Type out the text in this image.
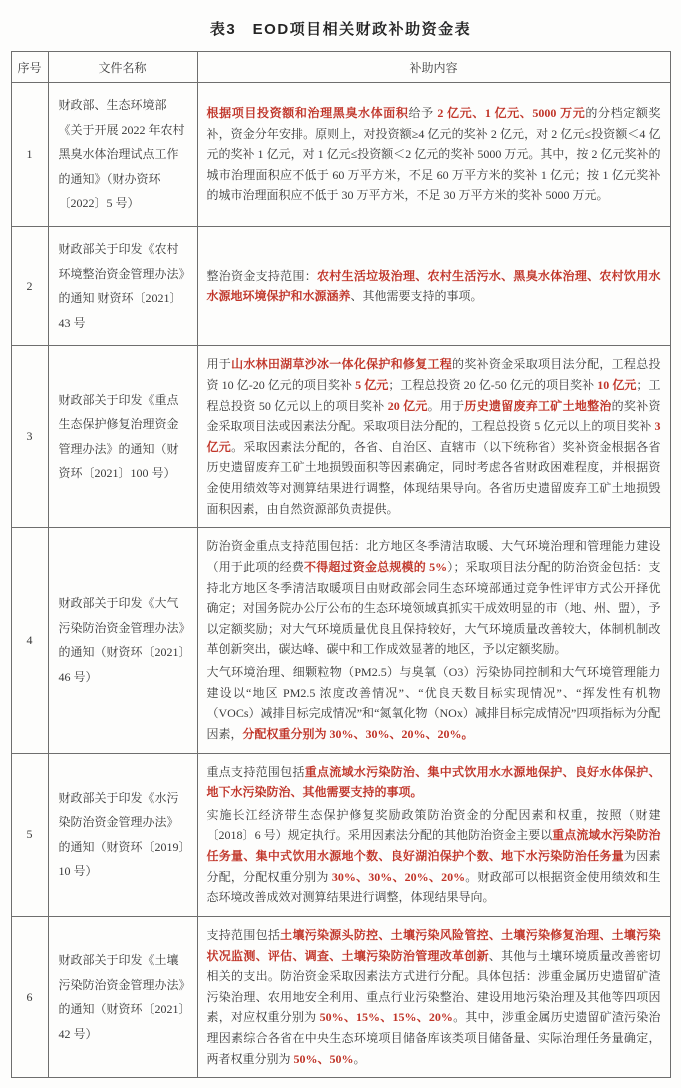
表3　EOD项目相关财政补助资金表
序号	文件名称	补助内容
1	财政部、生态环境部《关于开展 2022 年农村黑臭水体治理试点工作的通知》（财办资环〔2022〕5 号）	根据项目投资额和治理黑臭水体面积给予 2 亿元、1 亿元、5000 万元的分档定额奖补，资金分年安排。原则上，对投资额≥4 亿元的奖补 2 亿元，对 2 亿元≤投资额＜4 亿元的奖补 1 亿元，对 1 亿元≤投资额＜2 亿元的奖补 5000 万元。其中，按 2 亿元奖补的城市治理面积应不低于 60 万平方米，不足 60 万平方米的奖补 1 亿元；按 1 亿元奖补的城市治理面积应不低于 30 万平方米，不足 30 万平方米的奖补 5000 万元。

2	财政部关于印发《农村环境整治资金管理办法》的通知 财资环〔2021〕43 号	整治资金支持范围：农村生活垃圾治理、农村生活污水、黑臭水体治理、农村饮用水水源地环境保护和水源涵养、其他需要支持的事项。

3	财政部关于印发《重点生态保护修复治理资金管理办法》的通知（财资环〔2021〕100 号）	用于山水林田湖草沙冰一体化保护和修复工程的奖补资金采取项目法分配，工程总投资 10 亿-20 亿元的项目奖补 5 亿元；工程总投资 20 亿-50 亿元的项目奖补 10 亿元；工程总投资 50 亿元以上的项目奖补 20 亿元。用于历史遗留废弃工矿土地整治的奖补资金采取项目法或因素法分配。采取项目法分配的，工程总投资 5 亿元以上的项目奖补 3 亿元。采取因素法分配的，各省、自治区、直辖市（以下统称省）奖补资金根据各省历史遗留废弃工矿土地损毁面积等因素确定，同时考虑各省财政困难程度，并根据资金使用绩效等对测算结果进行调整，体现结果导向。各省历史遗留废弃工矿土地损毁面积因素，由自然资源部负责提供。

4	财政部关于印发《大气污染防治资金管理办法》的通知（财资环〔2021〕46 号）	防治资金重点支持范围包括：北方地区冬季清洁取暖、大气环境治理和管理能力建设（用于此项的经费不得超过资金总规模的 5%）；采取项目法分配的防治资金包括：支持北方地区冬季清洁取暖项目由财政部会同生态环境部通过竞争性评审方式公开择优确定；对国务院办公厅公布的生态环境领域真抓实干成效明显的市（地、州、盟），予以定额奖励；对大气环境质量优良且保持较好，大气环境质量改善较大，体制机制改革创新突出，碳达峰、碳中和工作成效显著的地区，予以定额奖励。

大气环境治理、细颗粒物（PM2.5）与臭氧（O3）污染协同控制和大气环境管理能力建设以“地区 PM2.5 浓度改善情况”、“优良天数目标实现情况”、“挥发性有机物（VOCs）减排目标完成情况”和“氮氧化物（NOx）减排目标完成情况”四项指标为分配因素，分配权重分别为 30%、30%、20%、20%。

5	财政部关于印发《水污染防治资金管理办法》的通知（财资环〔2019〕10 号）	重点支持范围包括重点流域水污染防治、集中式饮用水水源地保护、良好水体保护、地下水污染防治、其他需要支持的事项。

实施长江经济带生态保护修复奖励政策防治资金的分配因素和权重，按照（财建〔2018〕6 号）规定执行。采用因素法分配的其他防治资金主要以重点流域水污染防治任务量、集中式饮用水源地个数、良好湖泊保护个数、地下水污染防治任务量为因素分配，分配权重分别为 30%、30%、20%、20%。财政部可以根据资金使用绩效和生态环境改善成效对测算结果进行调整，体现结果导向。

6	财政部关于印发《土壤污染防治资金管理办法》的通知（财资环〔2021〕42 号）	支持范围包括土壤污染源头防控、土壤污染风险管控、土壤污染修复治理、土壤污染状况监测、评估、调查、土壤污染防治管理改革创新、其他与土壤环境质量改善密切相关的支出。防治资金采取因素法方式进行分配。具体包括：涉重金属历史遗留矿渣污染治理、农用地安全利用、重点行业污染整治、建设用地污染治理及其他等四项因素，对应权重分别为 50%、15%、15%、20%。其中，涉重金属历史遗留矿渣污染治理因素综合各省在中央生态环境项目储备库该类项目储备量、实际治理任务量确定，两者权重分别为 50%、50%。
